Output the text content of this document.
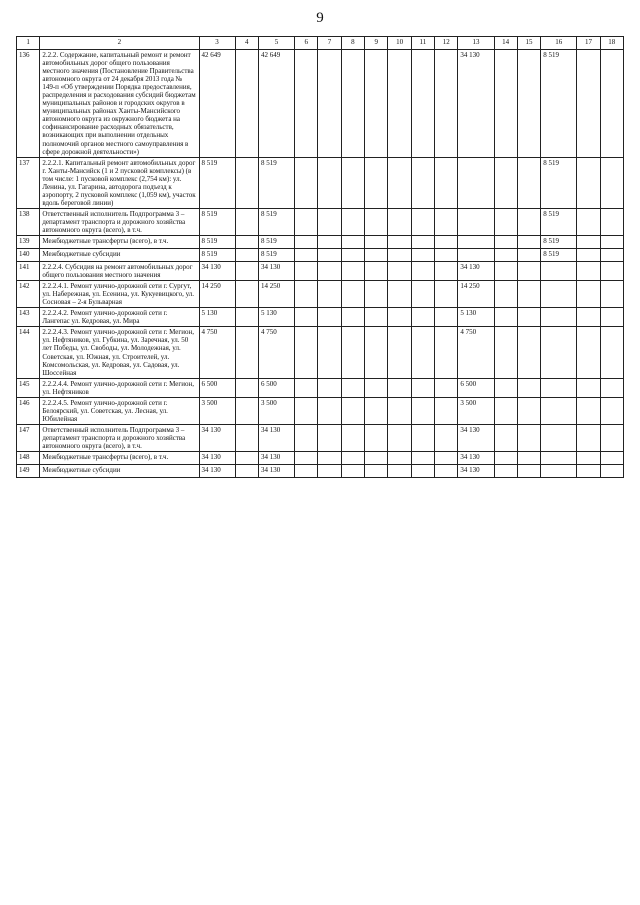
9
1	2	3	4	5	6	7	8	9	10	11	12	13	14	15	16	17	18
136	2.2.2. Содержание, капитальный ремонт и ремонт автомобильных дорог общего пользования местного значения (Постановление Правительства автономного округа от 24 декабря 2013 года № 149-п «Об утверждении Порядка предоставления, распределения и расходования субсидий бюджетам муниципальных районов и городских округов в муниципальных районах Ханты-Мансийского автономного округа из окружного бюджета на софинансирование расходных обязательств, возникающих при выполнении отдельных полномочий органов местного самоуправления в сфере дорожной деятельности»)	42 649		42 649								34 130			8 519		
137	2.2.2.1. Капитальный ремонт автомобильных дорог г. Ханты-Мансийск (1 и 2 пусковой комплексы) (в том числе: 1 пусковой комплекс (2,754 км): ул. Ленина, ул. Гагарина, автодорога подъезд к аэропорту, 2 пусковой комплекс (1,059 км), участок вдоль береговой линии)	8 519		8 519											8 519		
138	Ответственный исполнитель Подпрограмма 3 – департамент транспорта и дорожного хозяйства автономного округа (всего), в т.ч.	8 519		8 519											8 519		
139	Межбюджетные трансферты (всего), в т.ч.	8 519		8 519											8 519		
140	Межбюджетные субсидии	8 519		8 519											8 519		
141	2.2.2.4. Субсидия на ремонт автомобильных дорог общего пользования местного значения	34 130		34 130								34 130					
142	2.2.2.4.1. Ремонт улично-дорожной сети г. Сургут, ул. Набережная, ул. Есенина, ул. Кукуевицкого, ул. Сосновая – 2-я Бульварная	14 250		14 250								14 250					
143	2.2.2.4.2. Ремонт улично-дорожной сети г. Лангепас ул. Кедровая, ул. Мира	5 130		5 130								5 130					
144	2.2.2.4.3. Ремонт улично-дорожной сети г. Мегион, ул. Нефтяников, ул. Губкина, ул. Заречная, ул. 50 лет Победы, ул. Свободы, ул. Молодежная, ул. Советская, ул. Южная, ул. Строителей, ул. Комсомольская, ул. Кедровая, ул. Садовая, ул. Шоссейная	4 750		4 750								4 750					
145	2.2.2.4.4. Ремонт улично-дорожной сети г. Мегион, ул. Нефтяников	6 500		6 500								6 500					
146	2.2.2.4.5. Ремонт улично-дорожной сети г. Белоярский, ул. Советская, ул. Лесная, ул. Юбилейная	3 500		3 500								3 500					
147	Ответственный исполнитель Подпрограмма 3 – департамент транспорта и дорожного хозяйства автономного округа (всего), в т.ч.	34 130		34 130								34 130					
148	Межбюджетные трансферты (всего), в т.ч.	34 130		34 130								34 130					
149	Межбюджетные субсидии	34 130		34 130								34 130					
